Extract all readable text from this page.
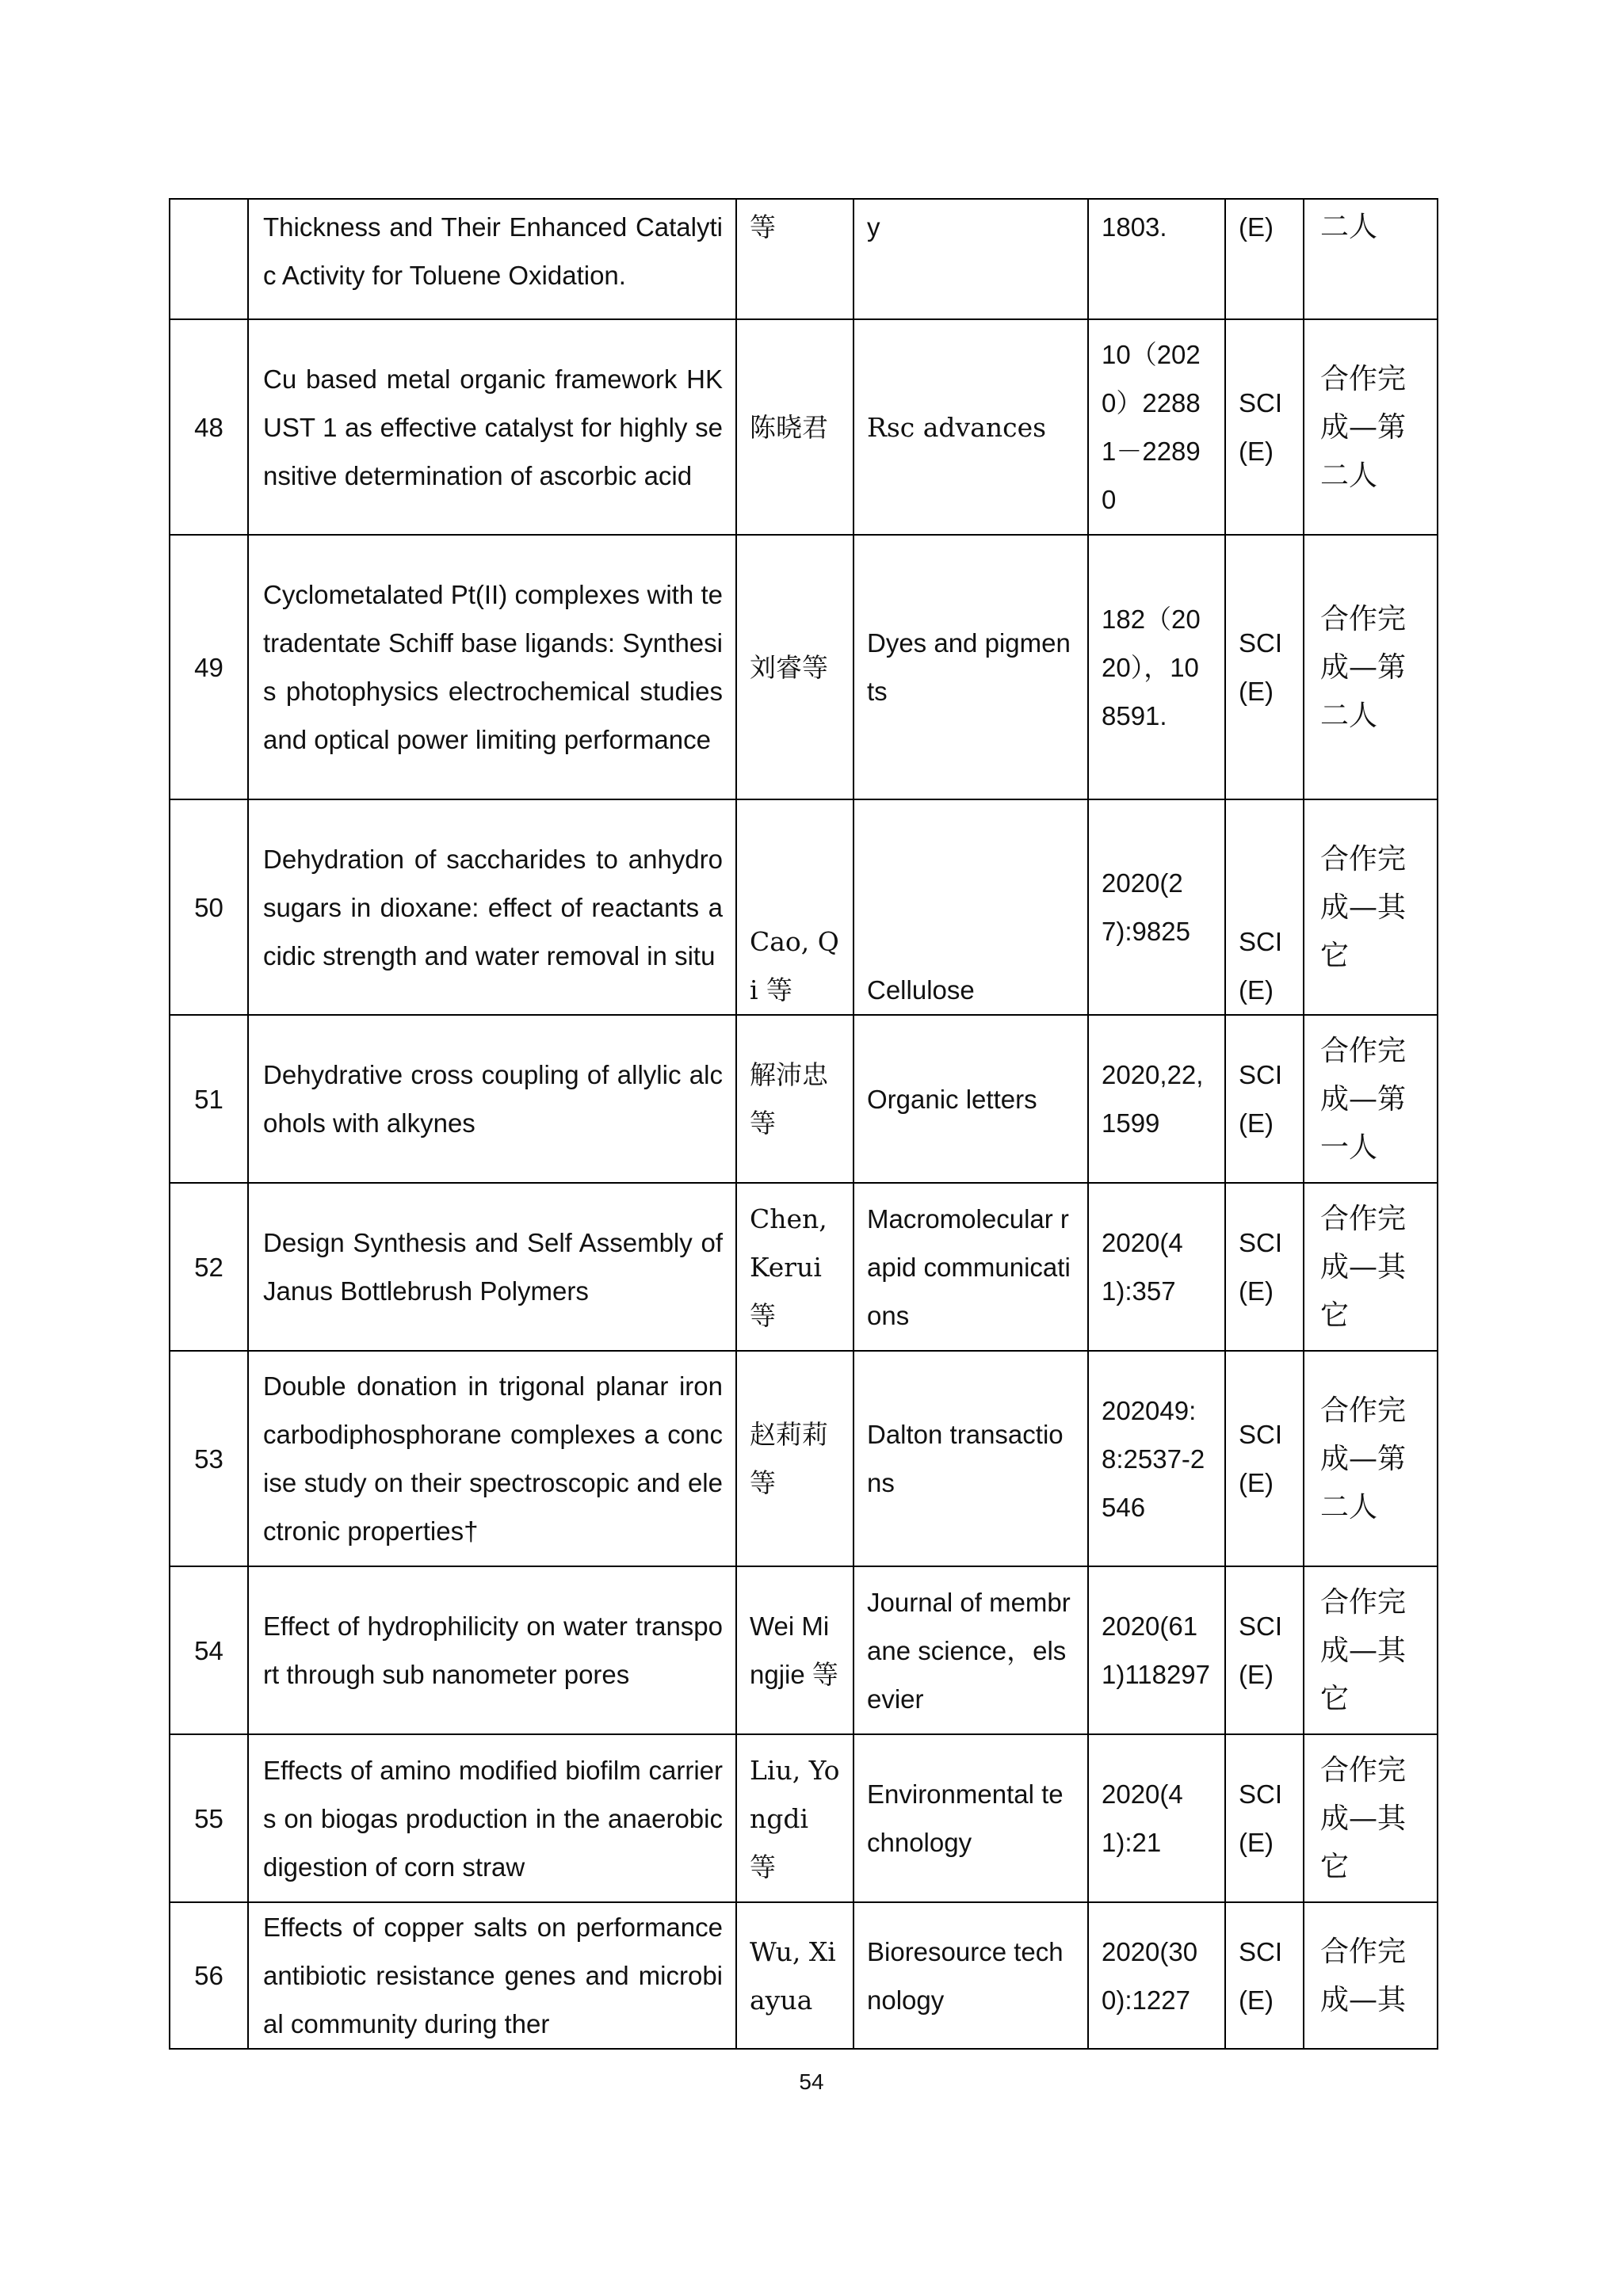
	Thickness and Their Enhanced Catalytic Activity for Toluene Oxidation.	等	y	1803.	(E)	二人
48	Cu based metal organic framework HKUST 1 as effective catalyst for highly sensitive determination of ascorbic acid	陈晓君	Rsc advances	10（2020）22881－22890	SCI (E)	合作完成—第二人
49	Cyclometalated Pt(II) complexes with tetradentate Schiff base ligands: Synthesis photophysics electrochemical studies and optical power limiting performance	刘睿等	Dyes and pigments	182（2020），108591.	SCI (E)	合作完成—第二人
50	Dehydration of saccharides to anhydro sugars in dioxane: effect of reactants acidic strength and water removal in situ	Cao, Qi 等	Cellulose	2020(27):9825	SCI (E)	合作完成—其它
51	Dehydrative cross coupling of allylic alcohols with alkynes	解沛忠等	Organic letters	2020,22,1599	SCI (E)	合作完成—第一人
52	Design Synthesis and Self Assembly of Janus Bottlebrush Polymers	Chen, Kerui 等	Macromolecular rapid communications	2020(41):357	SCI (E)	合作完成—其它
53	Double donation in trigonal planar iron carbodiphosphorane complexes a concise study on their spectroscopic and electronic properties†	赵莉莉等	Dalton transactions	202049:8:2537-2546	SCI (E)	合作完成—第二人
54	Effect of hydrophilicity on water transport through sub nanometer pores	Wei Mingjie 等	Journal of membrane science，elsevier	2020(611)118297	SCI (E)	合作完成—其它
55	Effects of amino modified biofilm carriers on biogas production in the anaerobic digestion of corn straw	Liu, Yongdi 等	Environmental technology	2020(41):21	SCI (E)	合作完成—其它
56	Effects of copper salts on performance antibiotic resistance genes and microbial community during ther	Wu, Xiayua	Bioresource technology	2020(300):1227	SCI (E)	合作完成—其
54
